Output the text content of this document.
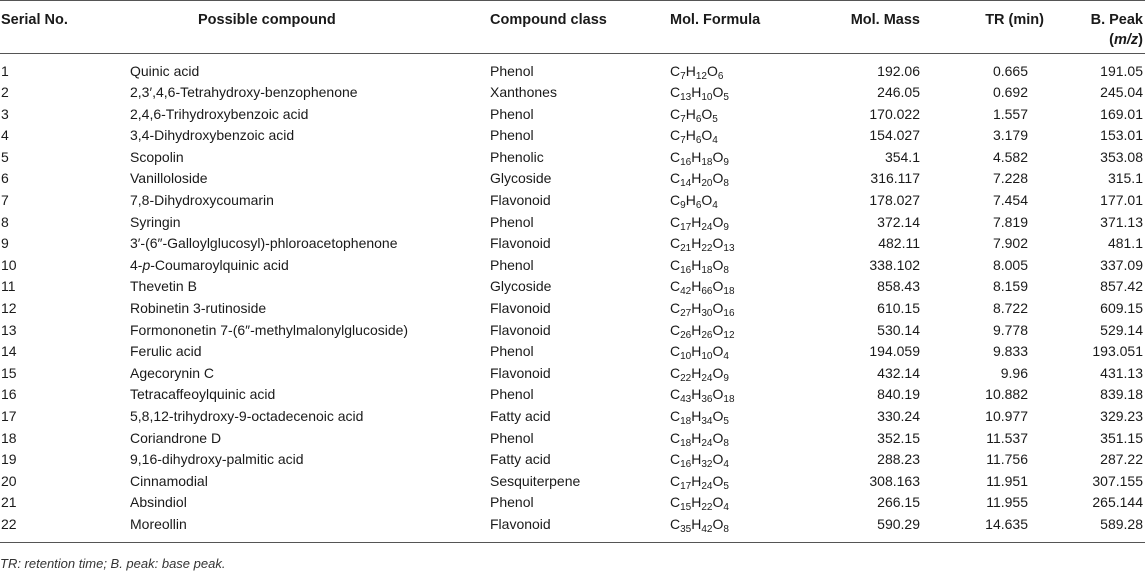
Serial No.	Possible compound	Compound class	Mol. Formula	Mol. Mass	TR (min)	B. Peak
(m/z)
1	Quinic acid	Phenol	$C_7H_{12}O_6$	192.06	0.665	191.05
2	2,3′,4,6-Tetrahydroxy-benzophenone	Xanthones	$C_{13}H_{10}O_5$	246.05	0.692	245.04
3	2,4,6-Trihydroxybenzoic acid	Phenol	$C_7H_6O_5$	170.022	1.557	169.01
4	3,4-Dihydroxybenzoic acid	Phenol	$C_7H_6O_4$	154.027	3.179	153.01
5	Scopolin	Phenolic	$C_{16}H_{18}O_9$	354.1	4.582	353.08
6	Vanilloloside	Glycoside	$C_{14}H_{20}O_8$	316.117	7.228	315.1
7	7,8-Dihydroxycoumarin	Flavonoid	$C_9H_6O_4$	178.027	7.454	177.01
8	Syringin	Phenol	$C_{17}H_{24}O_9$	372.14	7.819	371.13
9	3′-(6″-Galloylglucosyl)-phloroacetophenone	Flavonoid	$C_{21}H_{22}O_{13}$	482.11	7.902	481.1
10	4-p-Coumaroylquinic acid	Phenol	$C_{16}H_{18}O_8$	338.102	8.005	337.09
11	Thevetin B	Glycoside	$C_{42}H_{66}O_{18}$	858.43	8.159	857.42
12	Robinetin 3-rutinoside	Flavonoid	$C_{27}H_{30}O_{16}$	610.15	8.722	609.15
13	Formononetin 7-(6″-methylmalonylglucoside)	Flavonoid	$C_{26}H_{26}O_{12}$	530.14	9.778	529.14
14	Ferulic acid	Phenol	$C_{10}H_{10}O_4$	194.059	9.833	193.051
15	Agecorynin C	Flavonoid	$C_{22}H_{24}O_9$	432.14	9.96	431.13
16	Tetracaffeoylquinic acid	Phenol	$C_{43}H_{36}O_{18}$	840.19	10.882	839.18
17	5,8,12-trihydroxy-9-octadecenoic acid	Fatty acid	$C_{18}H_{34}O_5$	330.24	10.977	329.23
18	Coriandrone D	Phenol	$C_{18}H_{24}O_8$	352.15	11.537	351.15
19	9,16-dihydroxy-palmitic acid	Fatty acid	$C_{16}H_{32}O_4$	288.23	11.756	287.22
20	Cinnamodial	Sesquiterpene	$C_{17}H_{24}O_5$	308.163	11.951	307.155
21	Absindiol	Phenol	$C_{15}H_{22}O_4$	266.15	11.955	265.144
22	Moreollin	Flavonoid	$C_{35}H_{42}O_8$	590.29	14.635	589.28
TR: retention time; B. peak: base peak.
